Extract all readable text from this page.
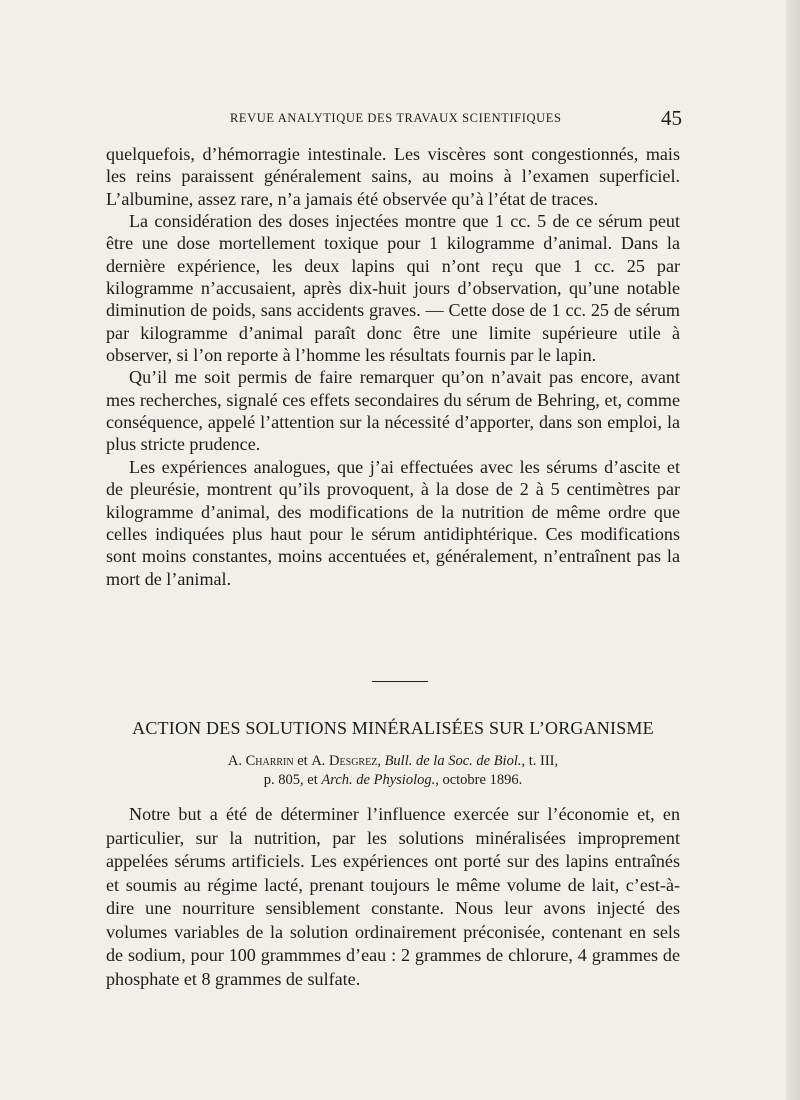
REVUE ANALYTIQUE DES TRAVAUX SCIENTIFIQUES	45

quelquefois, d’hémorragie intestinale. Les viscères sont congestionnés, mais les reins paraissent généralement sains, au moins à l’examen superficiel. L’albumine, assez rare, n’a jamais été observée qu’à l’état de traces.

La considération des doses injectées montre que 1 cc. 5 de ce sérum peut être une dose mortellement toxique pour 1 kilogramme d’animal. Dans la dernière expérience, les deux lapins qui n’ont reçu que 1 cc. 25 par kilogramme n’accusaient, après dix-huit jours d’observation, qu’une notable diminution de poids, sans accidents graves. — Cette dose de 1 cc. 25 de sérum par kilogramme d’animal paraît donc être une limite supérieure utile à observer, si l’on reporte à l’homme les résultats fournis par le lapin.

Qu’il me soit permis de faire remarquer qu’on n’avait pas encore, avant mes recherches, signalé ces effets secondaires du sérum de Behring, et, comme conséquence, appelé l’attention sur la nécessité d’apporter, dans son emploi, la plus stricte prudence.

Les expériences analogues, que j’ai effectuées avec les sérums d’ascite et de pleurésie, montrent qu’ils provoquent, à la dose de 2 à 5 centimètres par kilogramme d’animal, des modifications de la nutrition de même ordre que celles indiquées plus haut pour le sérum antidiphtérique. Ces modifications sont moins constantes, moins accentuées et, généralement, n’entraînent pas la mort de l’animal.

ACTION DES SOLUTIONS MINÉRALISÉES SUR L’ORGANISME
A. Charrin et A. Desgrez, Bull. de la Soc. de Biol., t. III,
p. 805, et Arch. de Physiolog., octobre 1896.

Notre but a été de déterminer l’influence exercée sur l’économie et, en particulier, sur la nutrition, par les solutions minéralisées improprement appelées sérums artificiels. Les expériences ont porté sur des lapins entraînés et soumis au régime lacté, prenant toujours le même volume de lait, c’est-à-dire une nourriture sensiblement constante. Nous leur avons injecté des volumes variables de la solution ordinairement préconisée, contenant en sels de sodium, pour 100 grammmes d’eau : 2 grammes de chlorure, 4 grammes de phosphate et 8 grammes de sulfate.
